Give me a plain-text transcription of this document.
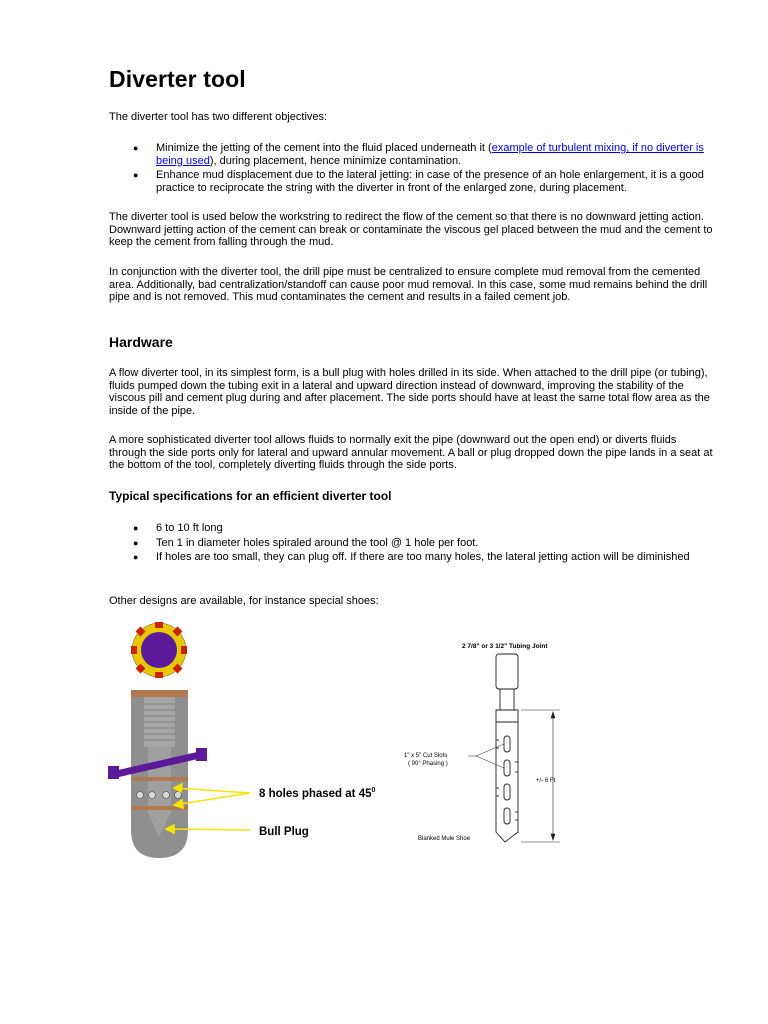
Diverter tool

The diverter tool has two different objectives:

● Minimize the jetting of the cement into the fluid placed underneath it (example of turbulent mixing, if no diverter is being used), during placement, hence minimize contamination.
● Enhance mud displacement due to the lateral jetting: in case of the presence of an hole enlargement, it is a good practice to reciprocate the string with the diverter in front of the enlarged zone, during placement.

The diverter tool is used below the workstring to redirect the flow of the cement so that there is no downward jetting action. Downward jetting action of the cement can break or contaminate the viscous gel placed between the mud and the cement to keep the cement from falling through the mud.

In conjunction with the diverter tool, the drill pipe must be centralized to ensure complete mud removal from the cemented area. Additionally, bad centralization/standoff can cause poor mud removal. In this case, some mud remains behind the drill pipe and is not removed. This mud contaminates the cement and results in a failed cement job.

Hardware

A flow diverter tool, in its simplest form, is a bull plug with holes drilled in its side. When attached to the drill pipe (or tubing), fluids pumped down the tubing exit in a lateral and upward direction instead of downward, improving the stability of the viscous pill and cement plug during and after placement. The side ports should have at least the same total flow area as the inside of the pipe.

A more sophisticated diverter tool allows fluids to normally exit the pipe (downward out the open end) or diverts fluids through the side ports only for lateral and upward annular movement. A ball or plug dropped down the pipe lands in a seat at the bottom of the tool, completely diverting fluids through the side ports.

Typical specifications for an efficient diverter tool
● 6 to 10 ft long
● Ten 1 in diameter holes spiraled around the tool @ 1 hole per foot.
● If holes are too small, they can plug off. If there are too many holes, the lateral jetting action will be diminished

Other designs are available, for instance special shoes:

8 holes phased at $45^0$
Bull Plug
2 7/8" or 3 1/2" Tubing Joint
+/- 6 Ft
1" x 5" Cut Slots
( 90° Phasing )
Blanked Mule Shoe
